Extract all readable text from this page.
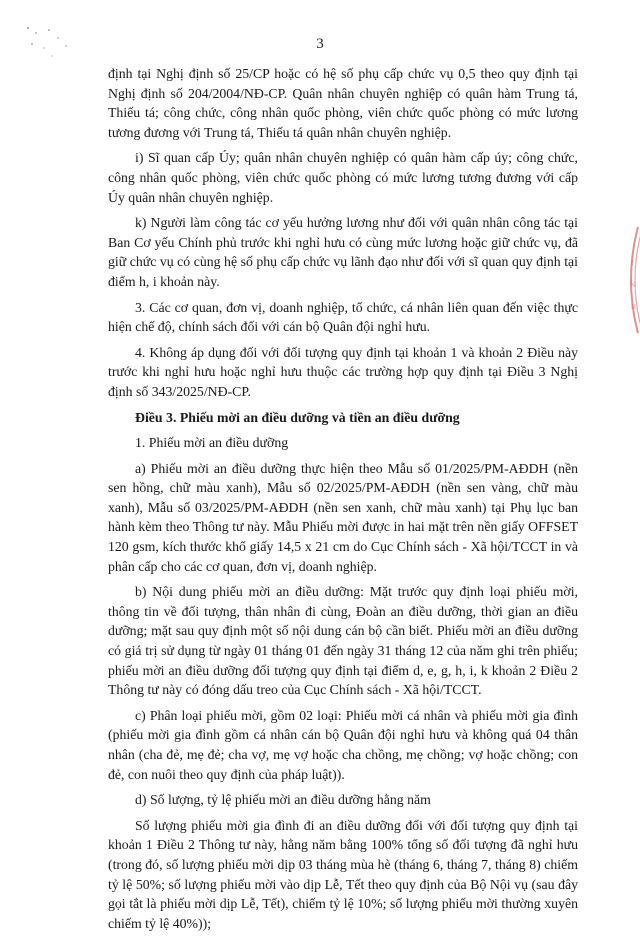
I
N
H
3

định tại Nghị định số 25/CP hoặc có hệ số phụ cấp chức vụ 0,5 theo quy định tại Nghị định số 204/2004/NĐ-CP. Quân nhân chuyên nghiệp có quân hàm Trung tá, Thiếu tá; công chức, công nhân quốc phòng, viên chức quốc phòng có mức lương tương đương với Trung tá, Thiếu tá quân nhân chuyên nghiệp.

i) Sĩ quan cấp Úy; quân nhân chuyên nghiệp có quân hàm cấp úy; công chức, công nhân quốc phòng, viên chức quốc phòng có mức lương tương đương với cấp Úy quân nhân chuyên nghiệp.

k) Người làm công tác cơ yếu hưởng lương như đối với quân nhân công tác tại Ban Cơ yếu Chính phủ trước khi nghỉ hưu có cùng mức lương hoặc giữ chức vụ, đã giữ chức vụ có cùng hệ số phụ cấp chức vụ lãnh đạo như đối với sĩ quan quy định tại điểm h, i khoản này.

3. Các cơ quan, đơn vị, doanh nghiệp, tổ chức, cá nhân liên quan đến việc thực hiện chế độ, chính sách đối với cán bộ Quân đội nghỉ hưu.

4. Không áp dụng đối với đối tượng quy định tại khoản 1 và khoản 2 Điều này trước khi nghỉ hưu hoặc nghỉ hưu thuộc các trường hợp quy định tại Điều 3 Nghị định số 343/2025/NĐ-CP.

Điều 3. Phiếu mời an điều dưỡng và tiền an điều dưỡng

1. Phiếu mời an điều dưỡng

a) Phiếu mời an điều dưỡng thực hiện theo Mẫu số 01/2025/PM-AĐDH (nền sen hồng, chữ màu xanh), Mẫu số 02/2025/PM-AĐDH (nền sen vàng, chữ màu xanh), Mẫu số 03/2025/PM-AĐDH (nền sen xanh, chữ màu xanh) tại Phụ lục ban hành kèm theo Thông tư này. Mẫu Phiếu mời được in hai mặt trên nền giấy OFFSET 120 gsm, kích thước khổ giấy 14,5 x 21 cm do Cục Chính sách - Xã hội/TCCT in và phân cấp cho các cơ quan, đơn vị, doanh nghiệp.

b) Nội dung phiếu mời an điều dưỡng: Mặt trước quy định loại phiếu mời, thông tin về đối tượng, thân nhân đi cùng, Đoàn an điều dưỡng, thời gian an điều dưỡng; mặt sau quy định một số nội dung cán bộ cần biết. Phiếu mời an điều dưỡng có giá trị sử dụng từ ngày 01 tháng 01 đến ngày 31 tháng 12 của năm ghi trên phiếu; phiếu mời an điều dưỡng đối tượng quy định tại điểm d, e, g, h, i, k khoản 2 Điều 2 Thông tư này có đóng dấu treo của Cục Chính sách - Xã hội/TCCT.

c) Phân loại phiếu mời, gồm 02 loại: Phiếu mời cá nhân và phiếu mời gia đình (phiếu mời gia đình gồm cá nhân cán bộ Quân đội nghỉ hưu và không quá 04 thân nhân (cha đẻ, mẹ đẻ; cha vợ, mẹ vợ hoặc cha chồng, mẹ chồng; vợ hoặc chồng; con đẻ, con nuôi theo quy định của pháp luật)).

d) Số lượng, tỷ lệ phiếu mời an điều dưỡng hằng năm

Số lượng phiếu mời gia đình đi an điều dưỡng đối với đối tượng quy định tại khoản 1 Điều 2 Thông tư này, hằng năm bằng 100% tổng số đối tượng đã nghỉ hưu (trong đó, số lượng phiếu mời dịp 03 tháng mùa hè (tháng 6, tháng 7, tháng 8) chiếm tỷ lệ 50%; số lượng phiếu mời vào dịp Lễ, Tết theo quy định của Bộ Nội vụ (sau đây gọi tắt là phiếu mời dịp Lễ, Tết), chiếm tỷ lệ 10%; số lượng phiếu mời thường xuyên chiếm tỷ lệ 40%));
